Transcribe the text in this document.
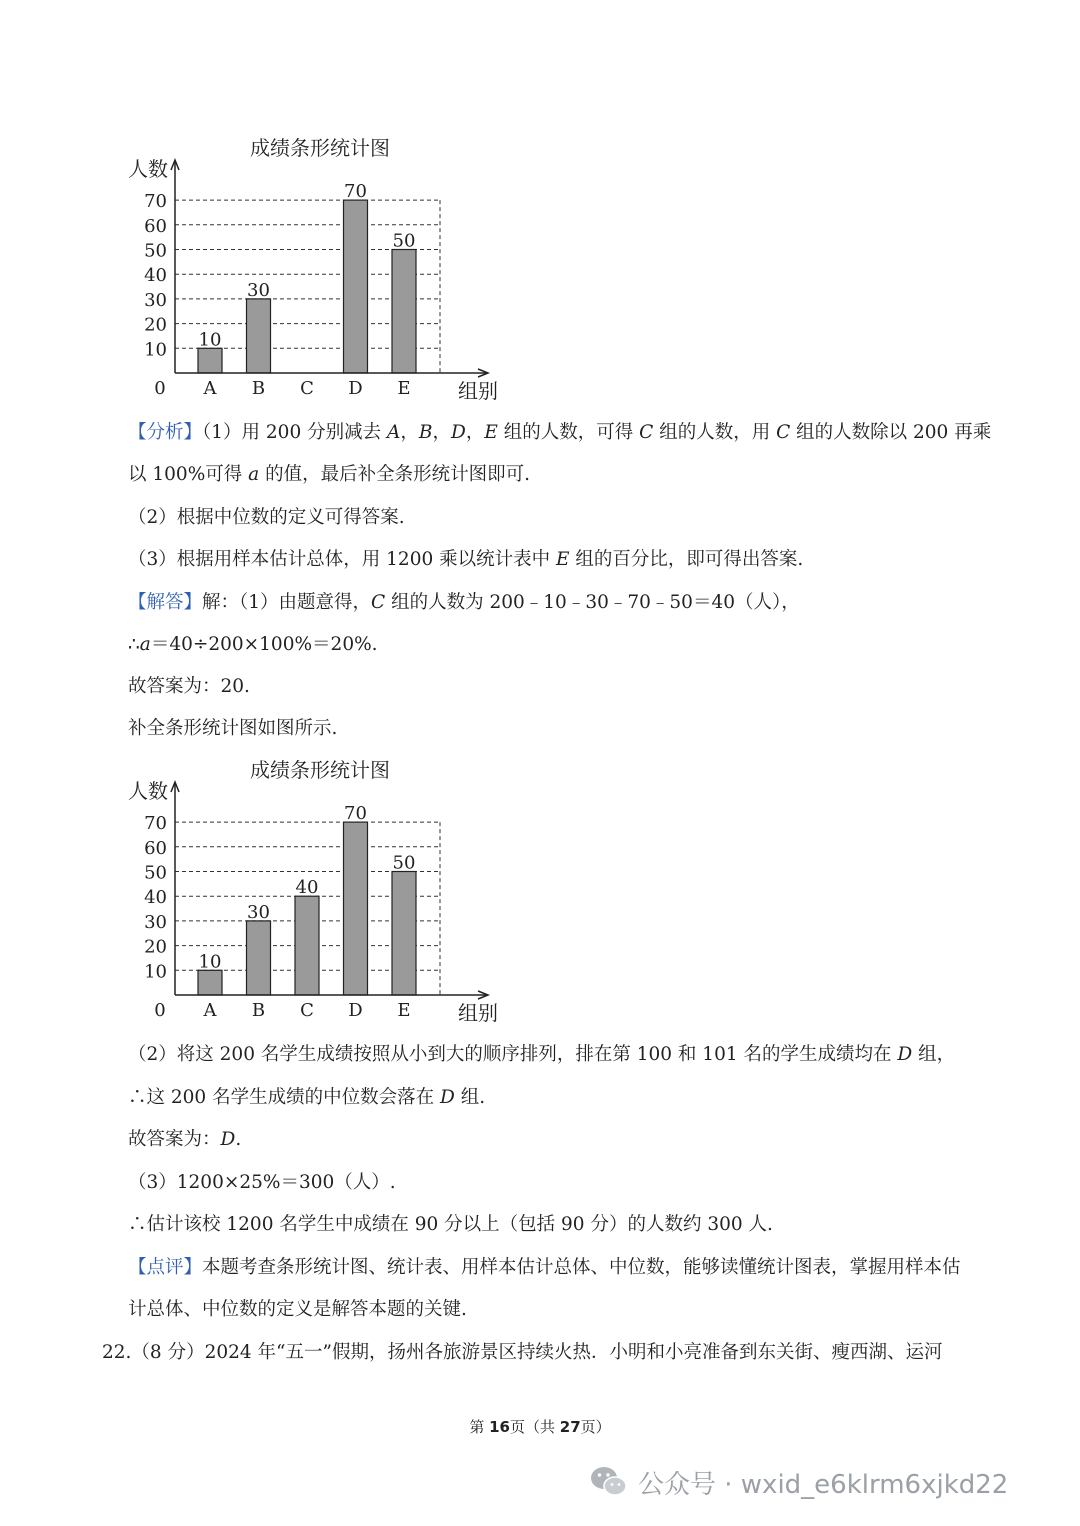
10
A
30
B C
70
D
50
E
10
20
30
40
50
60
70
0
成绩条形统计图
人数
组别
【分析】（1）用 200 分别减去 A，B，D，E 组的人数，可得 C 组的人数，用 C 组的人数除以 200 再乘
以 100%可得 a 的值，最后补全条形统计图即可.
（2）根据中位数的定义可得答案.
（3）根据用样本估计总体，用 1200 乘以统计表中 E 组的百分比，即可得出答案.
【解答】解：（1）由题意得，C 组的人数为 200﹣10﹣30﹣70﹣50＝40（人），
∴a＝40÷200×100%＝20%.
故答案为：20.
补全条形统计图如图所示.
10
A
30
B
40
C
70
D
50
E
10
20
30
40
50
60
70
0
成绩条形统计图
人数
组别
（2）将这 200 名学生成绩按照从小到大的顺序排列，排在第 100 和 101 名的学生成绩均在 D 组，
∴这 200 名学生成绩的中位数会落在 D 组.
故答案为：D.
（3）1200×25%＝300（人）.
∴估计该校 1200 名学生中成绩在 90 分以上（包括 90 分）的人数约 300 人.
【点评】本题考查条形统计图、统计表、用样本估计总体、中位数，能够读懂统计图表，掌握用样本估
计总体、中位数的定义是解答本题的关键.
22.（8 分）2024 年“五一”假期，扬州各旅游景区持续火热．小明和小亮准备到东关街、瘦西湖、运河
第 16页（共 27页）
公众号 · wxid_e6klrm6xjkd22
